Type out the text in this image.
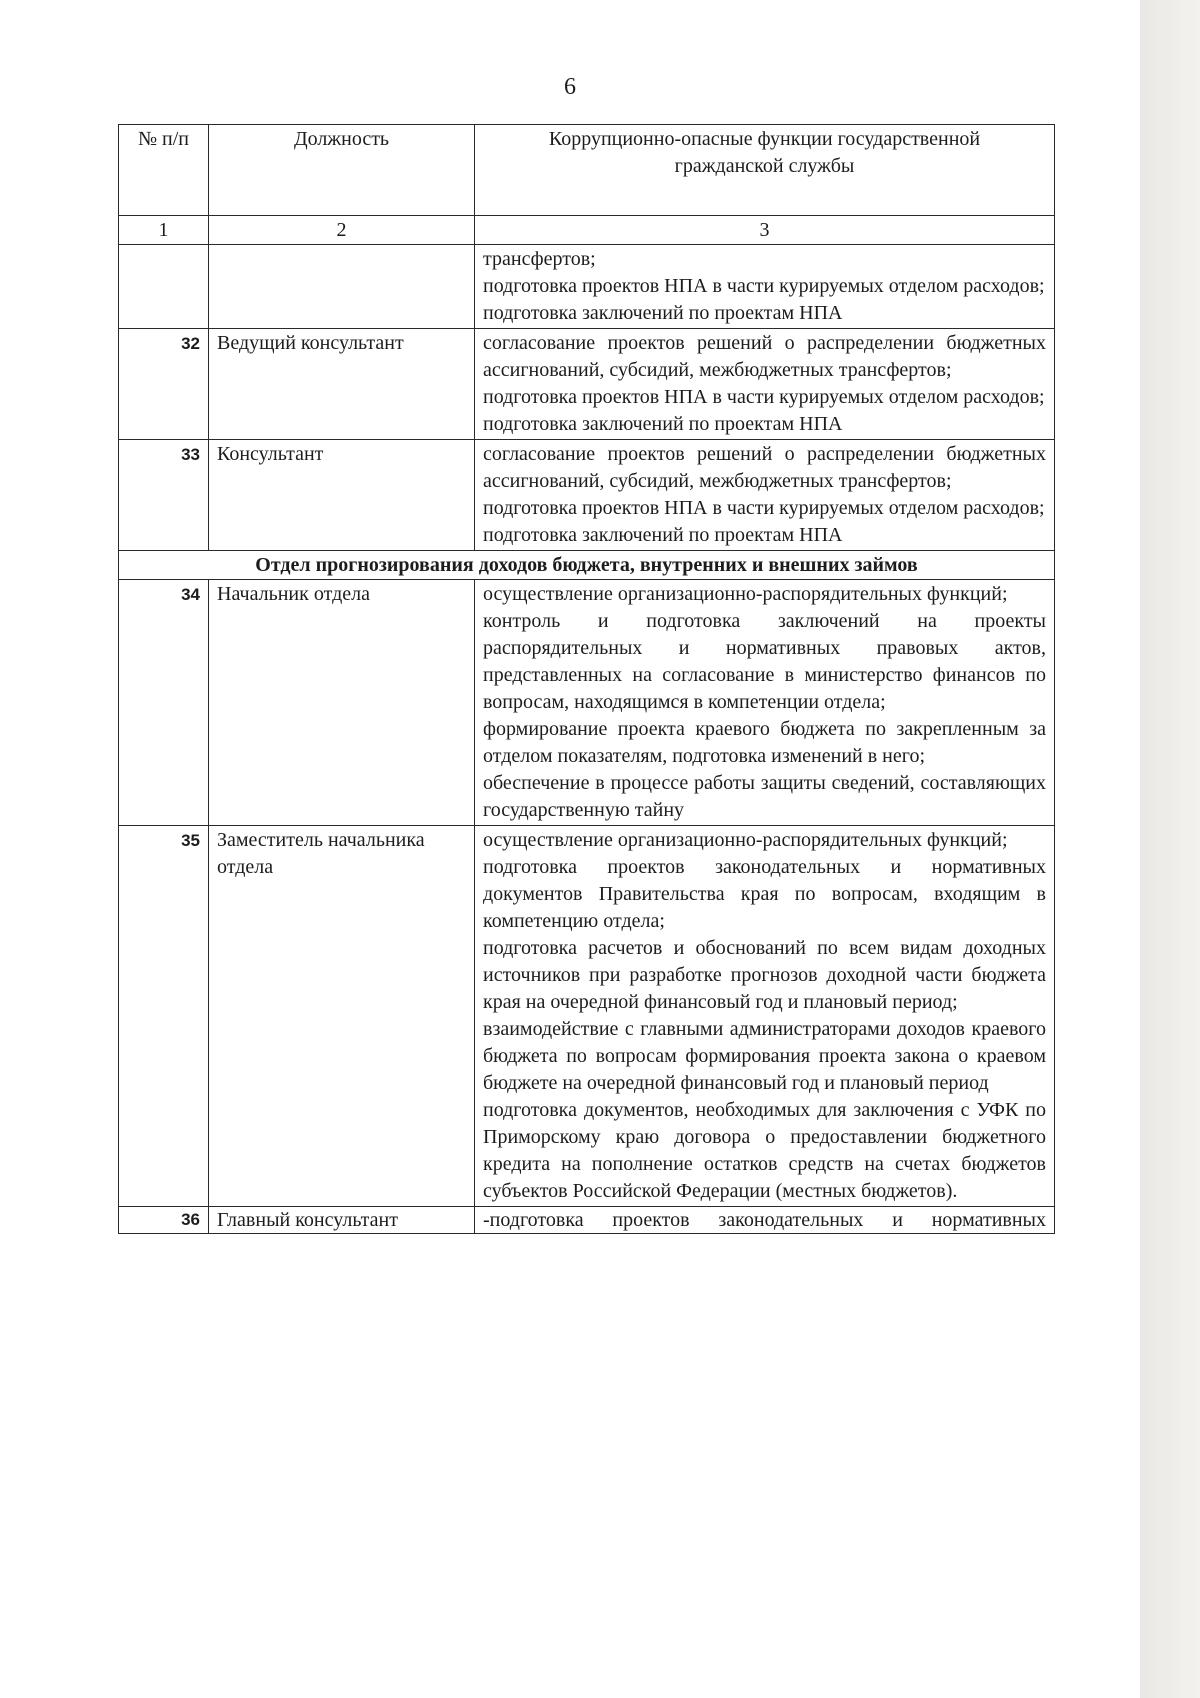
6
№ п/п	Должность	Коррупционно-опасные функции государственной гражданской службы
1	2	3

		трансфертов;
подготовка проектов НПА в части курируемых отделом расходов;
подготовка заключений по проектам НПА

32	Ведущий консультант	согласование проектов решений о распределении бюджетных ассигнований, субсидий, межбюджетных трансфертов;
подготовка проектов НПА в части курируемых отделом расходов;
подготовка заключений по проектам НПА

33	Консультант	согласование проектов решений о распределении бюджетных ассигнований, субсидий, межбюджетных трансфертов;
подготовка проектов НПА в части курируемых отделом расходов;
подготовка заключений по проектам НПА

Отдел прогнозирования доходов бюджета, внутренних и внешних займов		
34	Начальник отдела	осуществление организационно-распорядительных функций;
контроль и подготовка заключений на проекты распорядительных и нормативных правовых актов, представленных на согласование в министерство финансов по вопросам, находящимся в компетенции отдела;
формирование проекта краевого бюджета по закрепленным за отделом показателям, подготовка изменений в него;
обеспечение в процессе работы защиты сведений, составляющих государственную тайну

35	Заместитель начальника отдела	осуществление организационно-распорядительных функций;
подготовка проектов законодательных и нормативных документов Правительства края по вопросам, входящим в компетенцию отдела;
подготовка расчетов и обоснований по всем видам доходных источников при разработке прогнозов доходной части бюджета края на очередной финансовый год и плановый период;
взаимодействие с главными администраторами доходов краевого бюджета по вопросам формирования проекта закона о краевом бюджете на очередной финансовый год и плановый период
подготовка документов, необходимых для заключения с УФК по Приморскому краю договора о предоставлении бюджетного кредита на пополнение остатков средств на счетах бюджетов субъектов Российской Федерации (местных бюджетов).

36	Главный консультант	-подготовка проектов законодательных и нормативных
